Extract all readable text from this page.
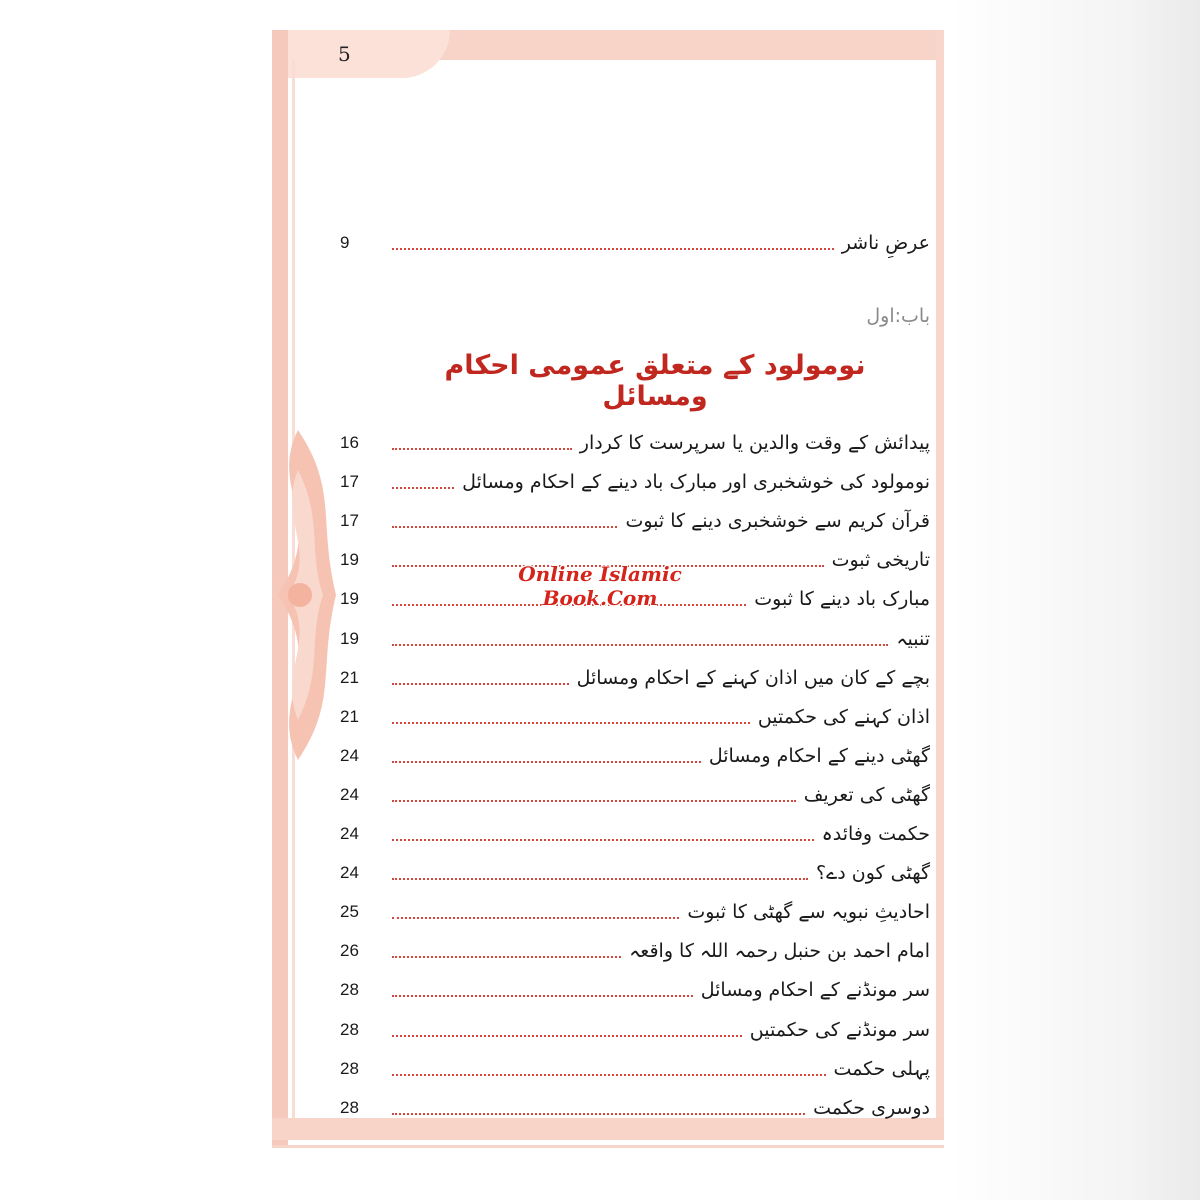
5
عرضِ ناشر
9
باب:اول
نومولود کے متعلق عمومی احکام ومسائل
پیدائش کے وقت والدین یا سرپرست کا کردار
16
نومولود کی خوشخبری اور مبارک باد دینے کے احکام ومسائل
17
قرآن کریم سے خوشخبری دینے کا ثبوت
17
تاریخی ثبوت
19
مبارک باد دینے کا ثبوت
19
تنبیہ
19
بچے کے کان میں اذان کہنے کے احکام ومسائل
21
اذان کہنے کی حکمتیں
21
گھٹی دینے کے احکام ومسائل
24
گھٹی کی تعریف
24
حکمت وفائدہ
24
گھٹی کون دے؟
24
احادیثِ نبویہ سے گھٹی کا ثبوت
25
امام احمد بن حنبل رحمہ اللہ کا واقعہ
26
سر مونڈنے کے احکام ومسائل
28
سر مونڈنے کی حکمتیں
28
پہلی حکمت
28
دوسری حکمت
28
Online Islamic
Book.Com
